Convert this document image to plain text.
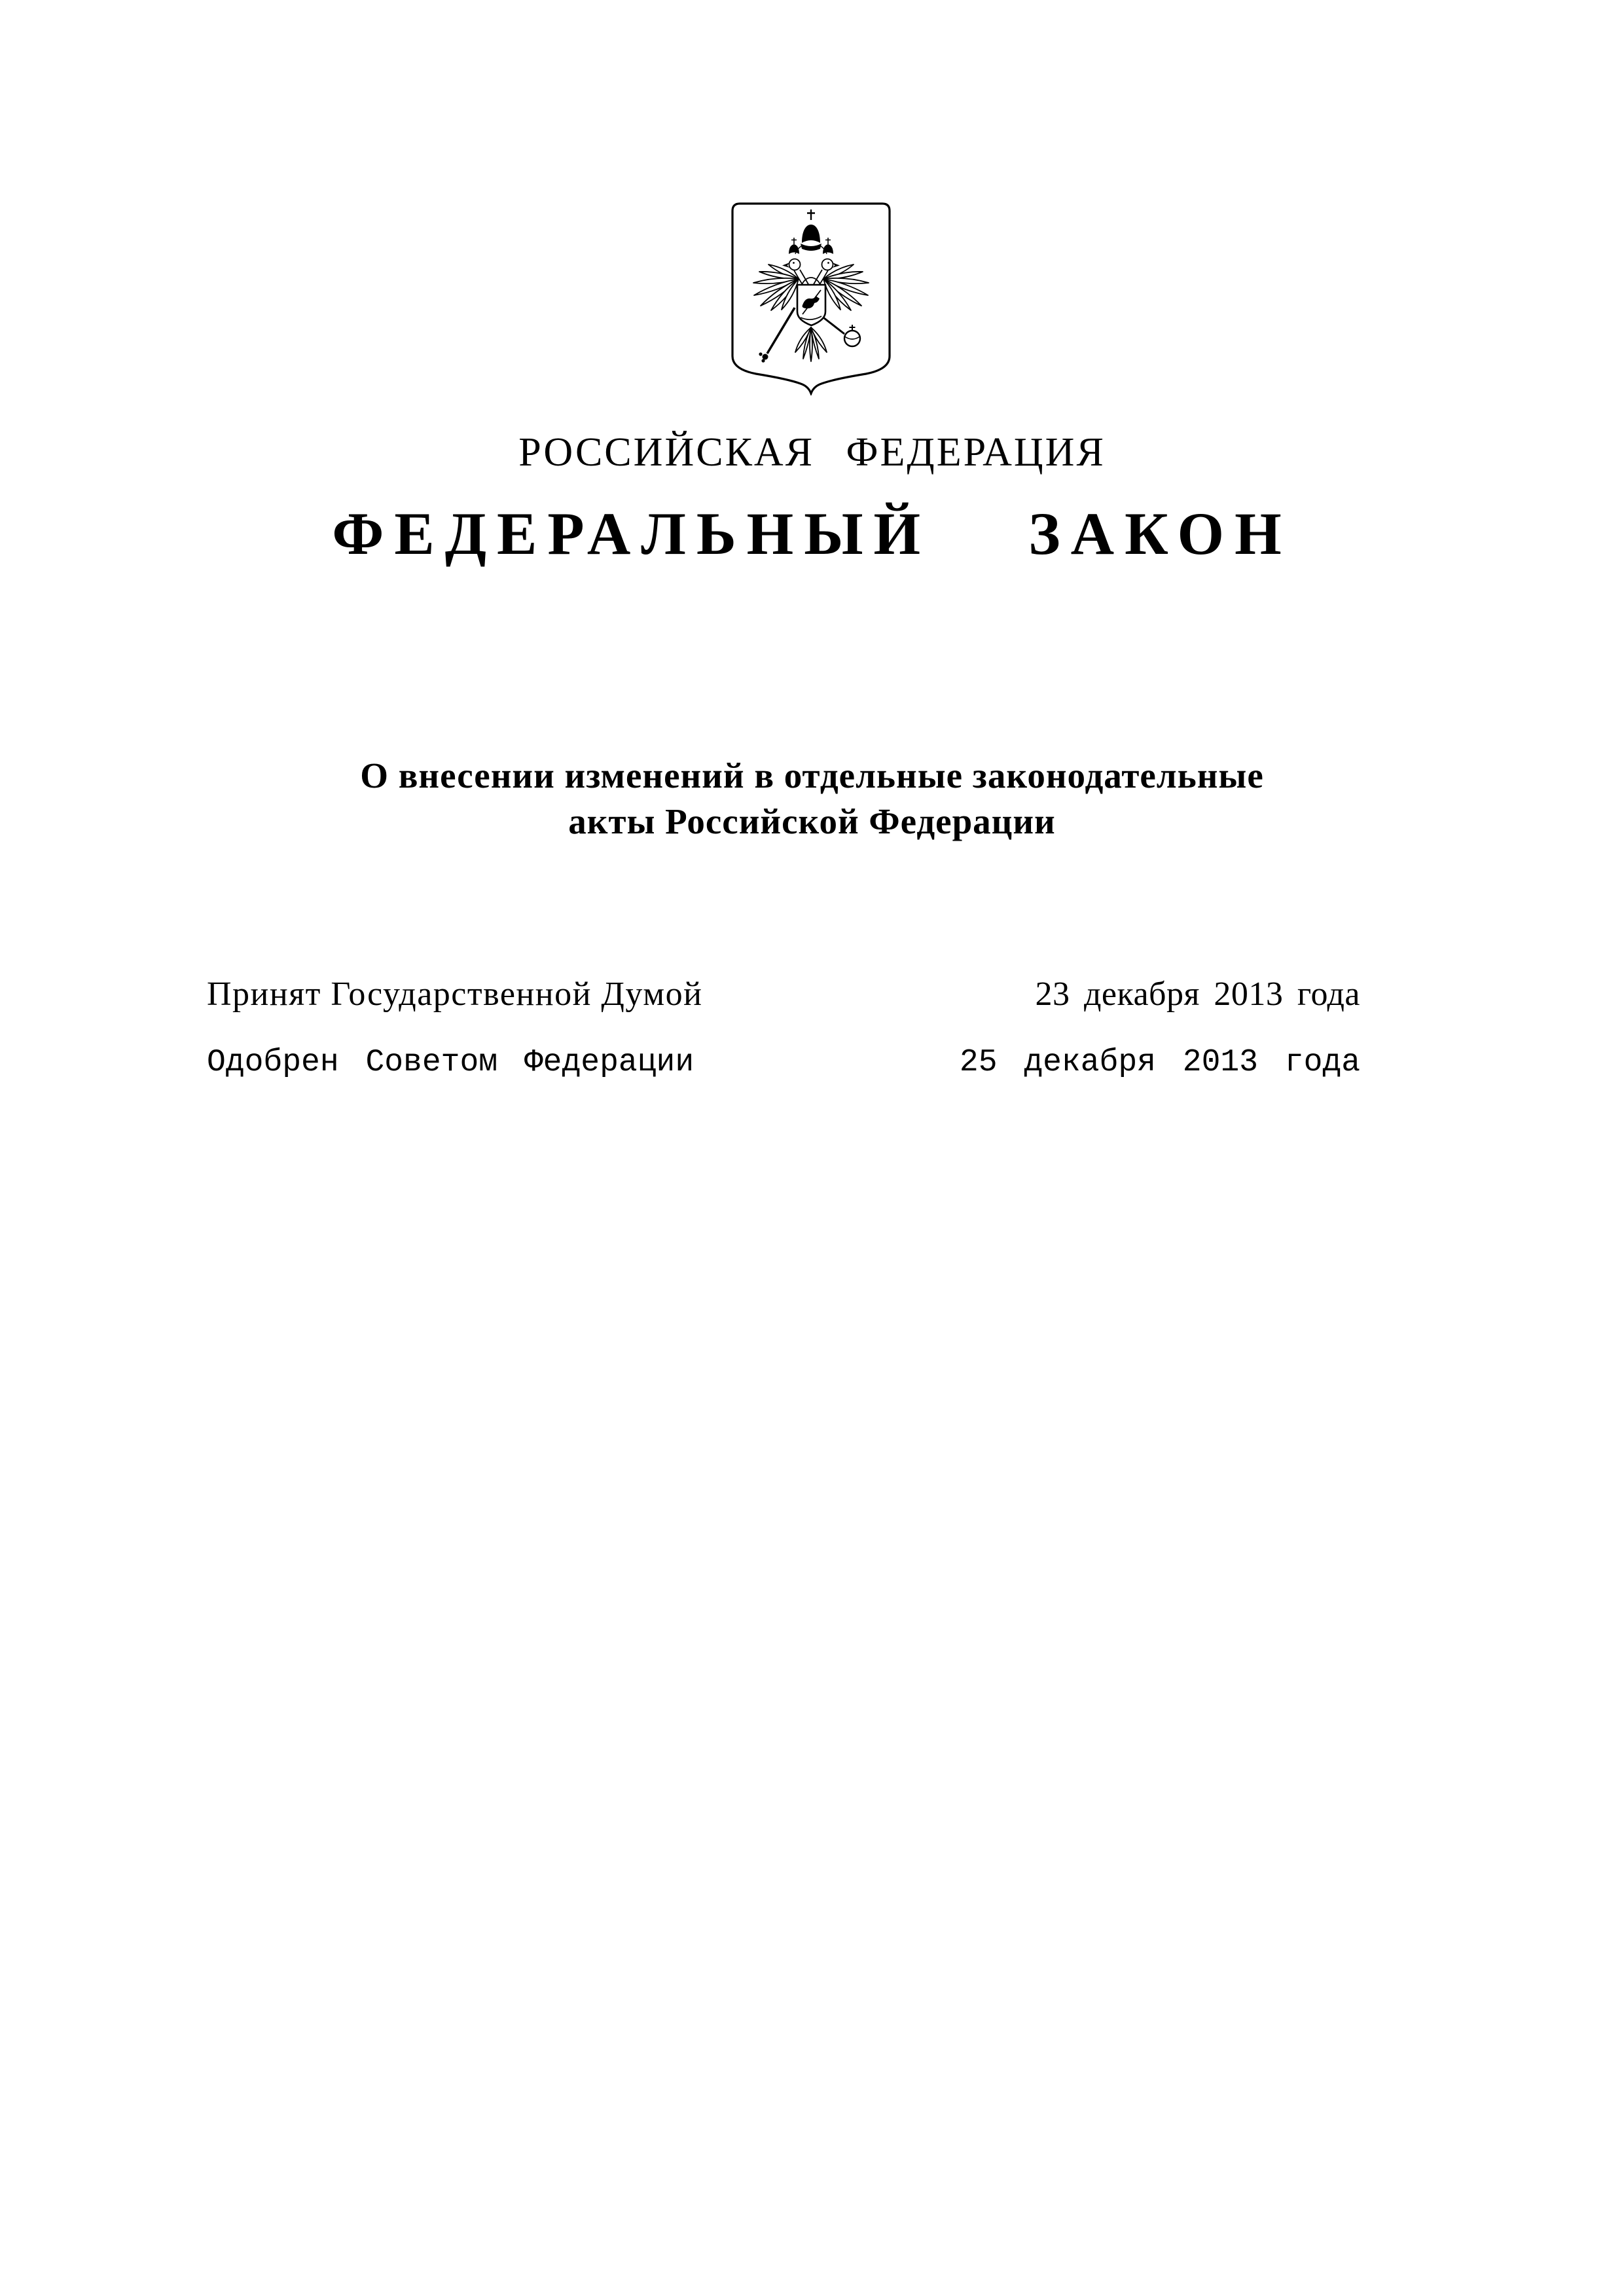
РОССИЙСКАЯ ФЕДЕРАЦИЯ
ФЕДЕРАЛЬНЫЙ ЗАКОН
О внесении изменений в отдельные законодательные
акты Российской Федерации
Принят Государственной Думой	23 декабря 2013 года
Одобрен Советом Федерации	25 декабря 2013 года
